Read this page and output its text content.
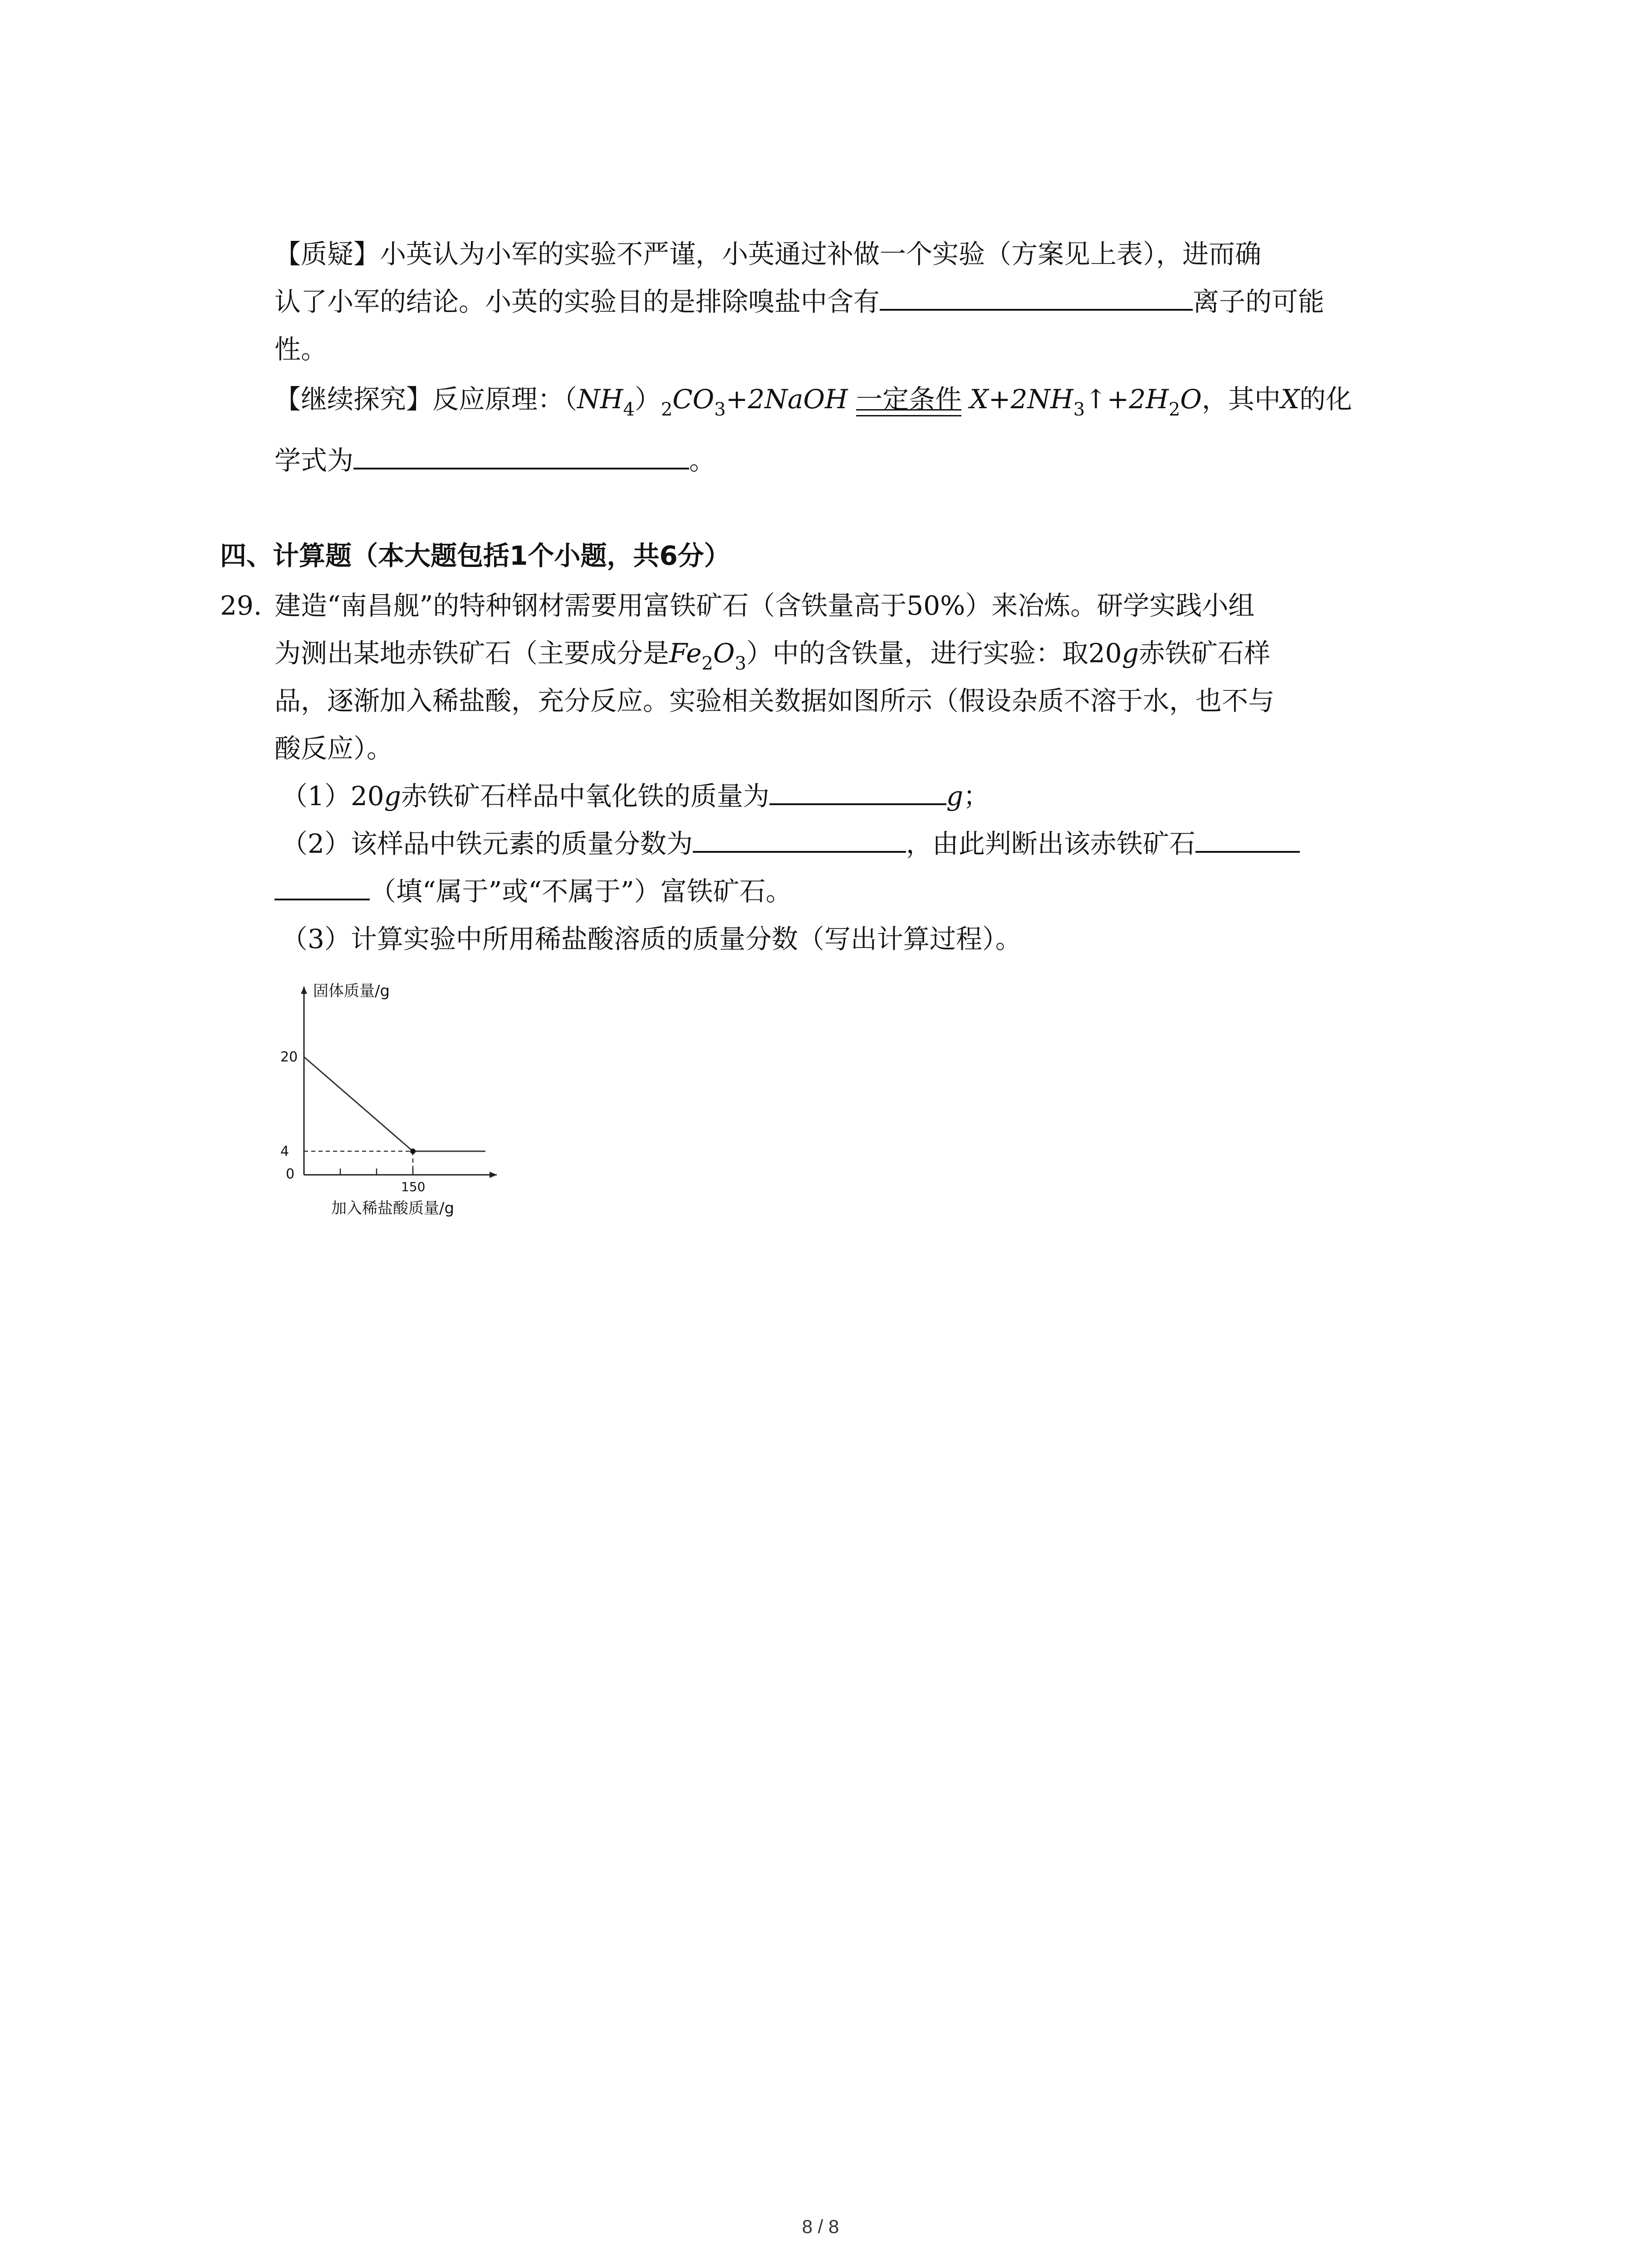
【质疑】小英认为小军的实验不严谨，小英通过补做一个实验（方案见上表），进而确
认了小军的结论。小英的实验目的是排除嗅盐中含有	离子的可能
性。
【继续探究】反应原理：$(NH_4)_2CO_3+2NaOH$ 一定条件 $X+2NH_3↑+2H_2O$，其中X的化
学式为	。
四、计算题（本大题包括1个小题，共6分）
29. 建造“南昌舰”的特种钢材需要用富铁矿石（含铁量高于50%）来冶炼。研学实践小组
为测出某地赤铁矿石（主要成分是$Fe_2O_3$）中的含铁量，进行实验：取20g赤铁矿石样
品，逐渐加入稀盐酸，充分反应。实验相关数据如图所示（假设杂质不溶于水，也不与
酸反应）。
（1）20g赤铁矿石样品中氧化铁的质量为	g；
（2）该样品中铁元素的质量分数为	，由此判断出该赤铁矿石
（填“属于”或“不属于”）富铁矿石。
（3）计算实验中所用稀盐酸溶质的质量分数（写出计算过程）。
固体质量/g
加入稀盐酸质量/g
0
20
4
150
8 / 8
